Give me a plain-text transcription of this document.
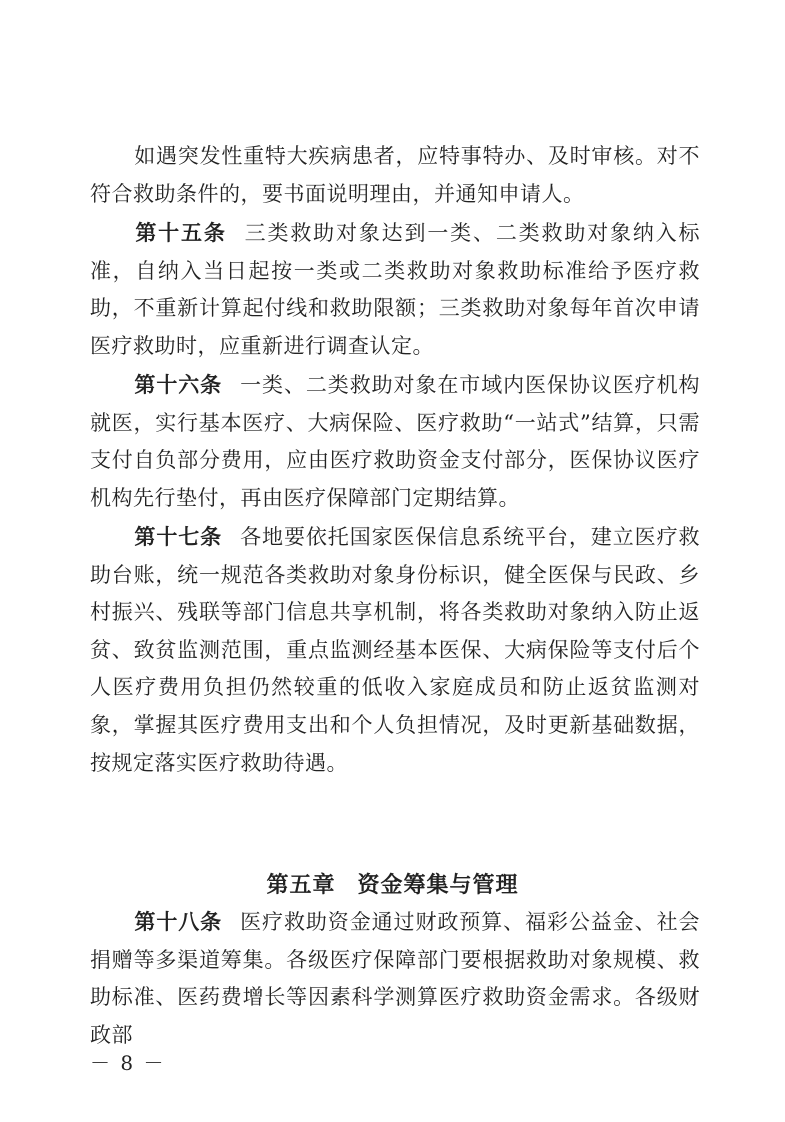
如遇突发性重特大疾病患者，应特事特办、及时审核。对不符合救助条件的，要书面说明理由，并通知申请人。

第十五条 三类救助对象达到一类、二类救助对象纳入标准，自纳入当日起按一类或二类救助对象救助标准给予医疗救助，不重新计算起付线和救助限额；三类救助对象每年首次申请医疗救助时，应重新进行调查认定。

第十六条 一类、二类救助对象在市域内医保协议医疗机构就医，实行基本医疗、大病保险、医疗救助“一站式”结算，只需支付自负部分费用，应由医疗救助资金支付部分，医保协议医疗机构先行垫付，再由医疗保障部门定期结算。

第十七条 各地要依托国家医保信息系统平台，建立医疗救助台账，统一规范各类救助对象身份标识，健全医保与民政、乡村振兴、残联等部门信息共享机制，将各类救助对象纳入防止返贫、致贫监测范围，重点监测经基本医保、大病保险等支付后个人医疗费用负担仍然较重的低收入家庭成员和防止返贫监测对象，掌握其医疗费用支出和个人负担情况，及时更新基础数据，按规定落实医疗救助待遇。

第五章 资金筹集与管理

第十八条 医疗救助资金通过财政预算、福彩公益金、社会捐赠等多渠道筹集。各级医疗保障部门要根据救助对象规模、救助标准、医药费增长等因素科学测算医疗救助资金需求。各级财政部

－ 8 －
